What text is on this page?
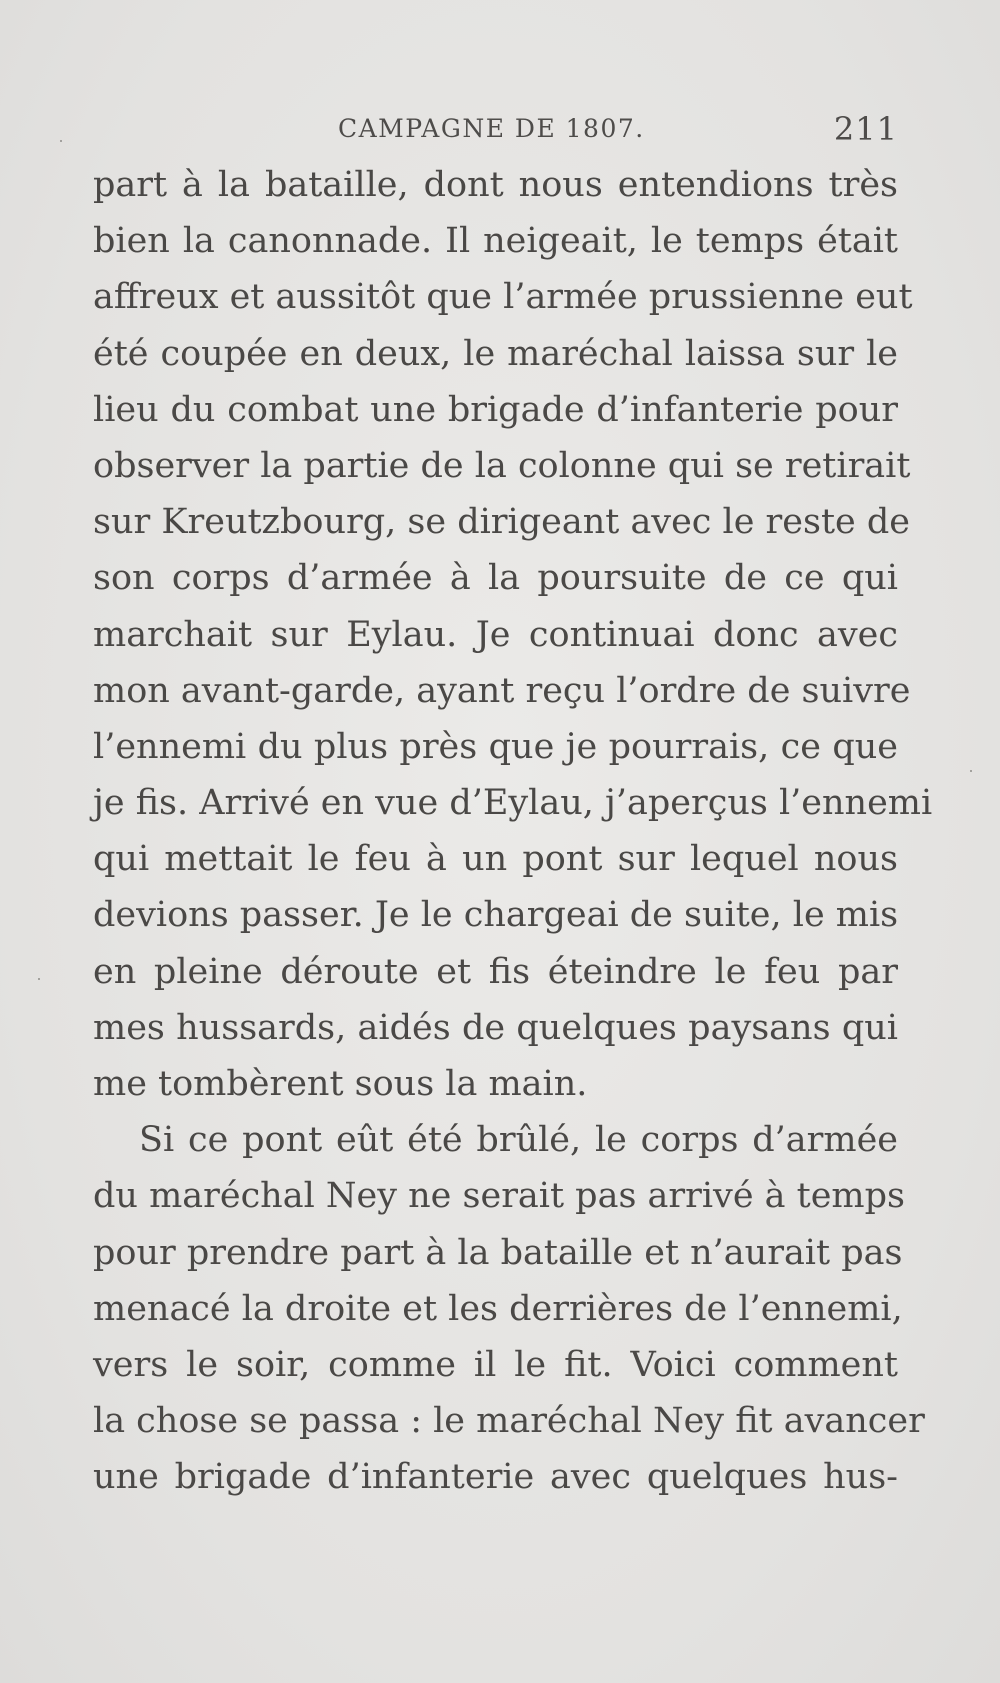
CAMPAGNE DE 1807.	211
part à la bataille, dont nous entendions très
bien la canonnade. Il neigeait, le temps était
affreux et aussitôt que l’armée prussienne eut
été coupée en deux, le maréchal laissa sur le
lieu du combat une brigade d’infanterie pour
observer la partie de la colonne qui se retirait
sur Kreutzbourg, se dirigeant avec le reste de
son corps d’armée à la poursuite de ce qui
marchait sur Eylau. Je continuai donc avec
mon avant-garde, ayant reçu l’ordre de suivre
l’ennemi du plus près que je pourrais, ce que
je fis. Arrivé en vue d’Eylau, j’aperçus l’ennemi
qui mettait le feu à un pont sur lequel nous
devions passer. Je le chargeai de suite, le mis
en pleine déroute et fis éteindre le feu par
mes hussards, aidés de quelques paysans qui
me tombèrent sous la main.
Si ce pont eût été brûlé, le corps d’armée
du maréchal Ney ne serait pas arrivé à temps
pour prendre part à la bataille et n’aurait pas
menacé la droite et les derrières de l’ennemi,
vers le soir, comme il le fit. Voici comment
la chose se passa : le maréchal Ney fit avancer
une brigade d’infanterie avec quelques hus-
